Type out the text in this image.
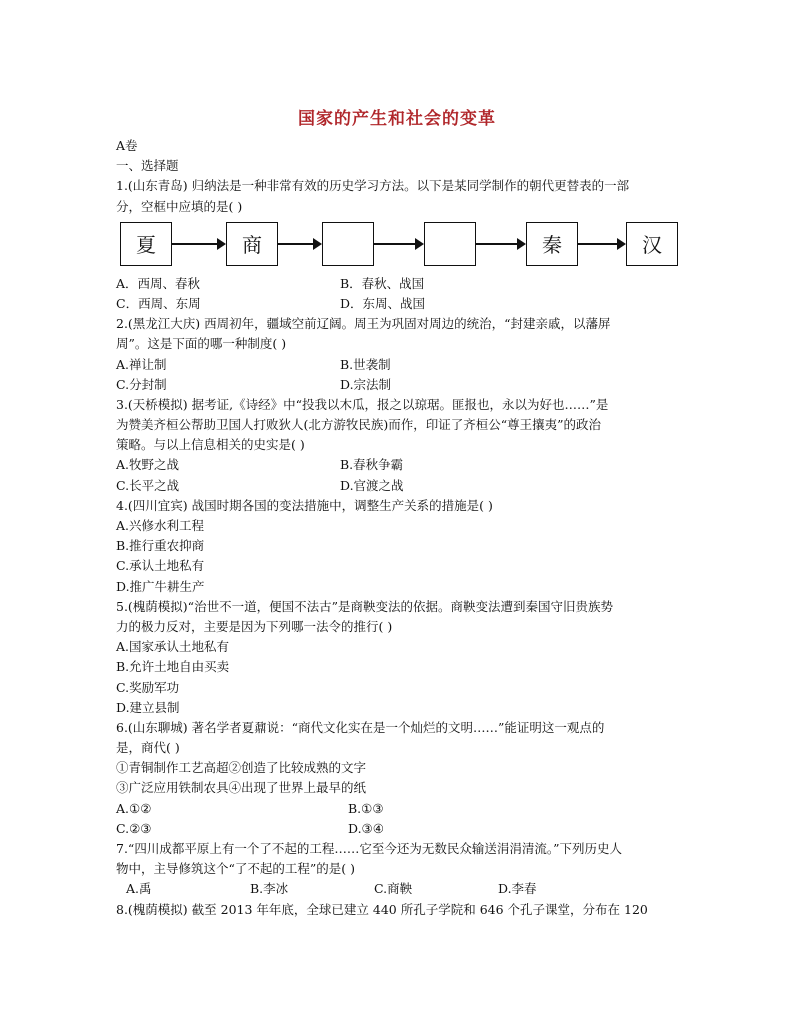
国家的产生和社会的变革
A卷
一、选择题
1.(山东青岛) 归纳法是一种非常有效的历史学习方法。以下是某同学制作的朝代更替表的一部
分，空框中应填的是( )
夏	商	秦	汉
A．西周、春秋	B．春秋、战国
C．西周、东周	D．东周、战国
2.(黑龙江大庆) 西周初年，疆域空前辽阔。周王为巩固对周边的统治，“封建亲戚，以藩屏
周”。这是下面的哪一种制度( )
A.禅让制	B.世袭制
C.分封制	D.宗法制
3.(天桥模拟) 据考证,《诗经》中“投我以木瓜，报之以琼琚。匪报也，永以为好也……”是
为赞美齐桓公帮助卫国人打败狄人(北方游牧民族)而作，印证了齐桓公“尊王攘夷”的政治
策略。与以上信息相关的史实是( )
A.牧野之战	B.春秋争霸
C.长平之战	D.官渡之战
4.(四川宜宾) 战国时期各国的变法措施中，调整生产关系的措施是( )
A.兴修水利工程
B.推行重农抑商
C.承认土地私有
D.推广牛耕生产
5.(槐荫模拟)“治世不一道，便国不法古”是商鞅变法的依据。商鞅变法遭到秦国守旧贵族势
力的极力反对，主要是因为下列哪一法令的推行( )
A.国家承认土地私有
B.允许土地自由买卖
C.奖励军功
D.建立县制
6.(山东聊城) 著名学者夏鼐说：“商代文化实在是一个灿烂的文明……”能证明这一观点的
是，商代( )
①青铜制作工艺高超②创造了比较成熟的文字
③广泛应用铁制农具④出现了世界上最早的纸
A.①②	B.①③
C.②③	D.③④
7.“四川成都平原上有一个了不起的工程……它至今还为无数民众输送涓涓清流。”下列历史人
物中，主导修筑这个“了不起的工程”的是( )
A.禹	B.李冰	C.商鞅	D.李春
8.(槐荫模拟) 截至 2013 年年底，全球已建立 440 所孔子学院和 646 个孔子课堂，分布在 120
